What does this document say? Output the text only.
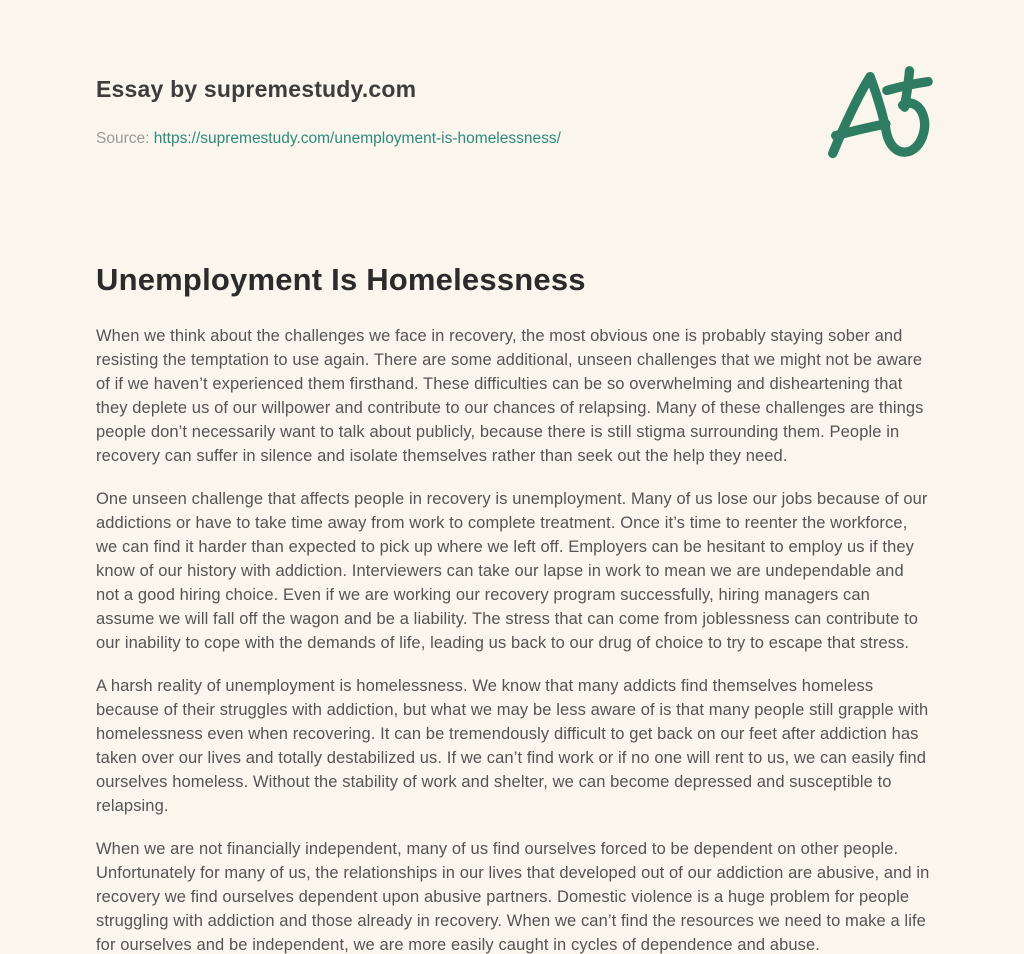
Essay by supremestudy.com
Source: https://supremestudy.com/unemployment-is-homelessness/
Unemployment Is Homelessness

When we think about the challenges we face in recovery, the most obvious one is probably staying sober and resisting the temptation to use again. There are some additional, unseen challenges that we might not be aware of if we haven’t experienced them firsthand. These difficulties can be so overwhelming and disheartening that they deplete us of our willpower and contribute to our chances of relapsing. Many of these challenges are things people don’t necessarily want to talk about publicly, because there is still stigma surrounding them. People in recovery can suffer in silence and isolate themselves rather than seek out the help they need.

One unseen challenge that affects people in recovery is unemployment. Many of us lose our jobs because of our addictions or have to take time away from work to complete treatment. Once it’s time to reenter the workforce, we can find it harder than expected to pick up where we left off. Employers can be hesitant to employ us if they know of our history with addiction. Interviewers can take our lapse in work to mean we are undependable and not a good hiring choice. Even if we are working our recovery program successfully, hiring managers can assume we will fall off the wagon and be a liability. The stress that can come from joblessness can contribute to our inability to cope with the demands of life, leading us back to our drug of choice to try to escape that stress.

A harsh reality of unemployment is homelessness. We know that many addicts find themselves homeless because of their struggles with addiction, but what we may be less aware of is that many people still grapple with homelessness even when recovering. It can be tremendously difficult to get back on our feet after addiction has taken over our lives and totally destabilized us. If we can’t find work or if no one will rent to us, we can easily find ourselves homeless. Without the stability of work and shelter, we can become depressed and susceptible to relapsing.

When we are not financially independent, many of us find ourselves forced to be dependent on other people. Unfortunately for many of us, the relationships in our lives that developed out of our addiction are abusive, and in recovery we find ourselves dependent upon abusive partners. Domestic violence is a huge problem for people struggling with addiction and those already in recovery. When we can’t find the resources we need to make a life for ourselves and be independent, we are more easily caught in cycles of dependence and abuse.
